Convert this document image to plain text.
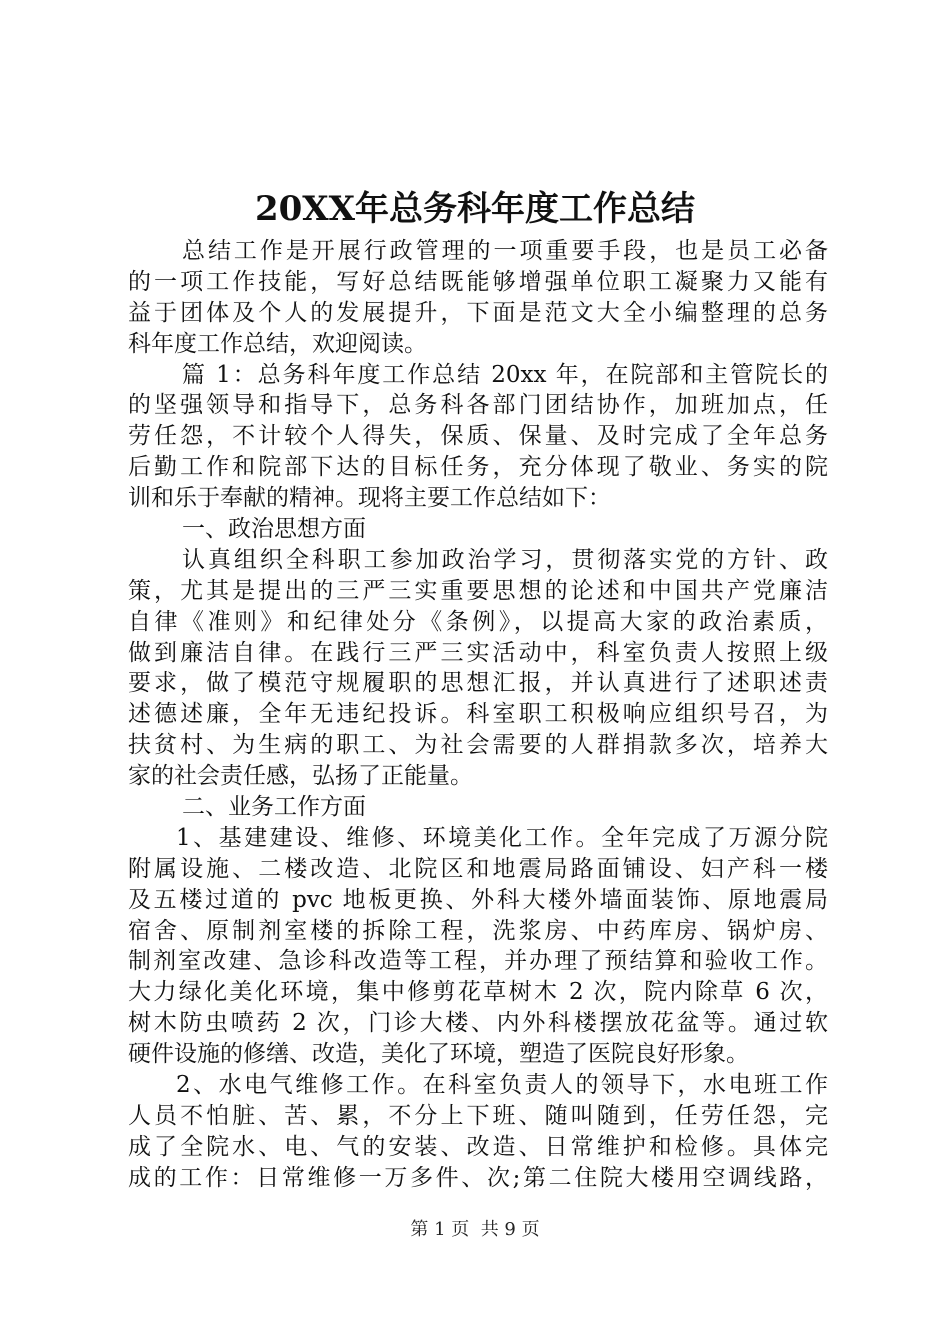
20XX年总务科年度工作总结
总结工作是开展行政管理的一项重要手段，也是员工必备
的一项工作技能，写好总结既能够增强单位职工凝聚力又能有
益于团体及个人的发展提升，下面是范文大全小编整理的总务
科年度工作总结，欢迎阅读。
篇 1：总务科年度工作总结 20xx 年，在院部和主管院长的
的坚强领导和指导下，总务科各部门团结协作，加班加点，任
劳任怨，不计较个人得失，保质、保量、及时完成了全年总务
后勤工作和院部下达的目标任务，充分体现了敬业、务实的院
训和乐于奉献的精神。现将主要工作总结如下：
一、政治思想方面
认真组织全科职工参加政治学习，贯彻落实党的方针、政
策，尤其是提出的三严三实重要思想的论述和中国共产党廉洁
自律《准则》和纪律处分《条例》，以提高大家的政治素质，
做到廉洁自律。在践行三严三实活动中，科室负责人按照上级
要求，做了模范守规履职的思想汇报，并认真进行了述职述责
述德述廉，全年无违纪投诉。科室职工积极响应组织号召，为
扶贫村、为生病的职工、为社会需要的人群捐款多次，培养大
家的社会责任感，弘扬了正能量。
二、业务工作方面
1、基建建设、维修、环境美化工作。全年完成了万源分院
附属设施、二楼改造、北院区和地震局路面铺设、妇产科一楼
及五楼过道的 pvc 地板更换、外科大楼外墙面装饰、原地震局
宿舍、原制剂室楼的拆除工程，洗浆房、中药库房、锅炉房、
制剂室改建、急诊科改造等工程，并办理了预结算和验收工作。
大力绿化美化环境，集中修剪花草树木 2 次，院内除草 6 次，
树木防虫喷药 2 次，门诊大楼、内外科楼摆放花盆等。通过软
硬件设施的修缮、改造，美化了环境，塑造了医院良好形象。
2、水电气维修工作。在科室负责人的领导下，水电班工作
人员不怕脏、苦、累，不分上下班、随叫随到，任劳任怨，完
成了全院水、电、气的安装、改造、日常维护和检修。具体完
成的工作：日常维修一万多件、次;第二住院大楼用空调线路，
第 1 页  共 9 页
